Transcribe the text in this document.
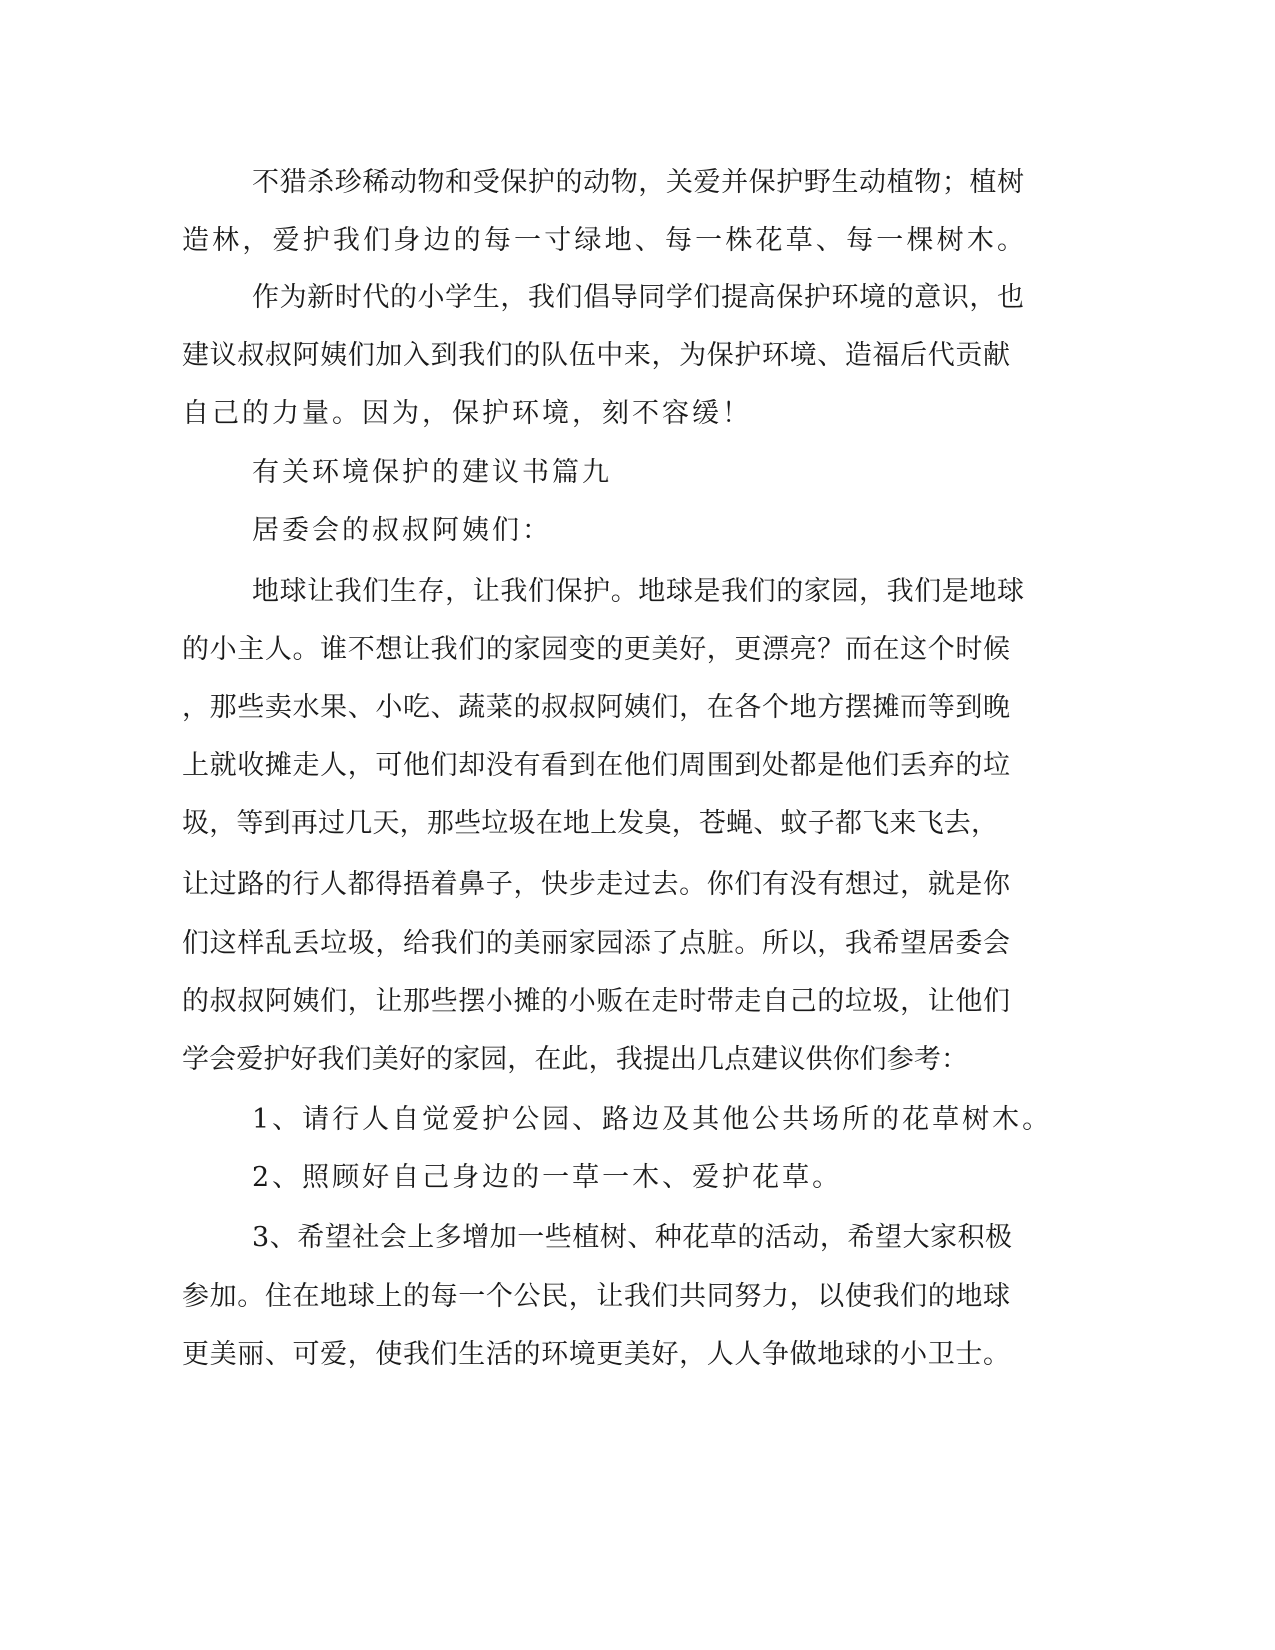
不猎杀珍稀动物和受保护的动物，关爱并保护野生动植物；植树
造林，爱护我们身边的每一寸绿地、每一株花草、每一棵树木。
作为新时代的小学生，我们倡导同学们提高保护环境的意识，也
建议叔叔阿姨们加入到我们的队伍中来，为保护环境、造福后代贡献
自己的力量。因为，保护环境，刻不容缓！
有关环境保护的建议书篇九
居委会的叔叔阿姨们：
地球让我们生存，让我们保护。地球是我们的家园，我们是地球
的小主人。谁不想让我们的家园变的更美好，更漂亮？而在这个时候
，那些卖水果、小吃、蔬菜的叔叔阿姨们，在各个地方摆摊而等到晚
上就收摊走人，可他们却没有看到在他们周围到处都是他们丢弃的垃
圾，等到再过几天，那些垃圾在地上发臭，苍蝇、蚊子都飞来飞去，
让过路的行人都得捂着鼻子，快步走过去。你们有没有想过，就是你
们这样乱丢垃圾，给我们的美丽家园添了点脏。所以，我希望居委会
的叔叔阿姨们，让那些摆小摊的小贩在走时带走自己的垃圾，让他们
学会爱护好我们美好的家园，在此，我提出几点建议供你们参考：
1、请行人自觉爱护公园、路边及其他公共场所的花草树木。
2、照顾好自己身边的一草一木、爱护花草。
3、希望社会上多增加一些植树、种花草的活动，希望大家积极
参加。住在地球上的每一个公民，让我们共同努力，以使我们的地球
更美丽、可爱，使我们生活的环境更美好，人人争做地球的小卫士。
